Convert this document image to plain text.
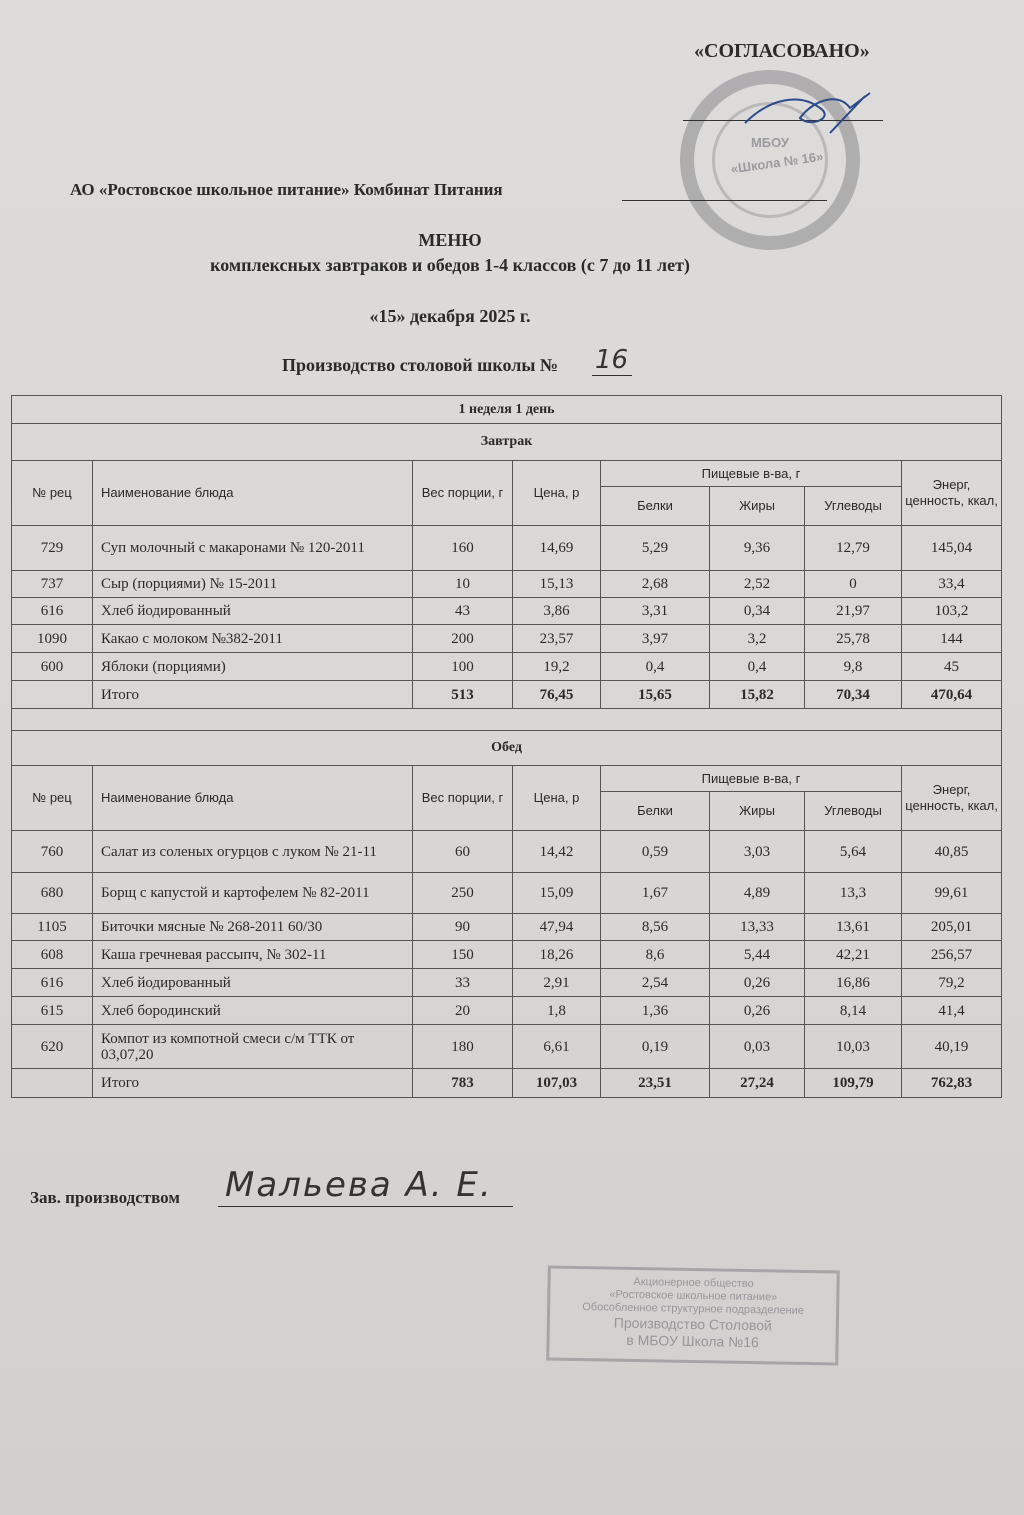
МБОУ
«Школа № 16»
«СОГЛАСОВАНО»
АО «Ростовское школьное питание» Комбинат Питания
МЕНЮ
комплексных завтраков и обедов 1-4 классов (с 7 до 11 лет)
«15» декабря 2025 г.
Производство столовой школы №	16
1 неделя 1 день							
Завтрак							
№ рец	Наименование блюда	Вес порции, г	Цена, р	Пищевые в-ва, г			Энерг, ценность, ккал,
				Белки	Жиры	Углеводы	
729	Суп молочный с макаронами № 120-2011	160	14,69	5,29	9,36	12,79	145,04
737	Сыр (порциями) № 15-2011	10	15,13	2,68	2,52	0	33,4
616	Хлеб йодированный	43	3,86	3,31	0,34	21,97	103,2
1090	Какао с молоком №382-2011	200	23,57	3,97	3,2	25,78	144
600	Яблоки (порциями)	100	19,2	0,4	0,4	9,8	45
	Итого	513	76,45	15,65	15,82	70,34	470,64

Обед							
№ рец	Наименование блюда	Вес порции, г	Цена, р	Пищевые в-ва, г			Энерг, ценность, ккал,
				Белки	Жиры	Углеводы	
760	Салат из соленых огурцов с луком № 21-11	60	14,42	0,59	3,03	5,64	40,85
680	Борщ с капустой и картофелем № 82-2011	250	15,09	1,67	4,89	13,3	99,61
1105	Биточки мясные № 268-2011 60/30	90	47,94	8,56	13,33	13,61	205,01
608	Каша гречневая рассыпч, № 302-11	150	18,26	8,6	5,44	42,21	256,57
616	Хлеб йодированный	33	2,91	2,54	0,26	16,86	79,2
615	Хлеб бородинский	20	1,8	1,36	0,26	8,14	41,4
620	Компот из компотной смеси с/м ТТК от 03,07,20	180	6,61	0,19	0,03	10,03	40,19
	Итого	783	107,03	23,51	27,24	109,79	762,83
Мальева А. Е.
Зав. производством
Акционерное общество
«Ростовское школьное питание»
Обособленное структурное подразделение
Производство Столовой
в МБОУ Школа №16
